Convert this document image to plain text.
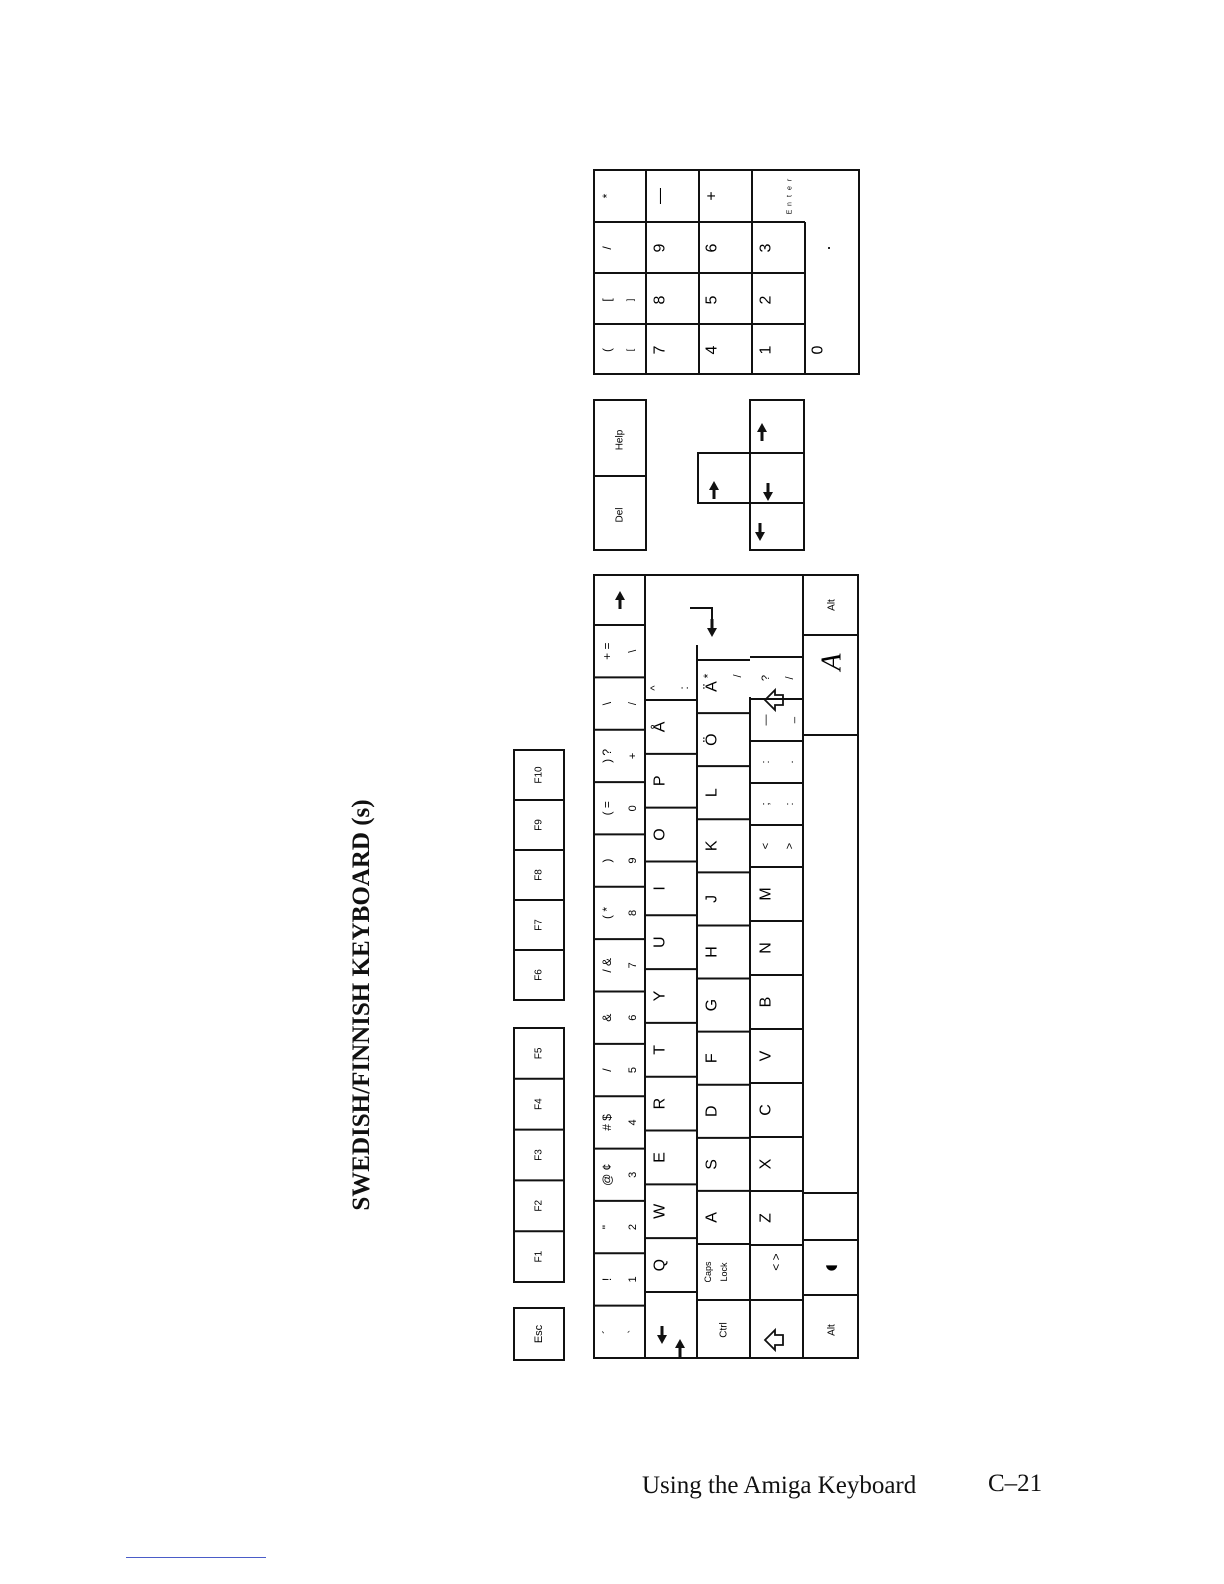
SWEDISH/FINNISH KEYBOARD (s)
Esc
F1
F2
F3
F4
F5
F6
F7
F8
F9
F10
´ `
! 1
" 2
@ ¢ 3
# $ 4
/ 5
& 6
/ & 7
( * 8
) 9
( = 0
) ? +
\ /
+ = \
Q
W
E
R
T
Y
U
I
O
P
Å
^ :
Caps Lock
Ctrl
A
S
D
F
G
H
J
K
L
Ö
Ä
* /
< >
Z
X
C
V
B
N
M
< >
; :
: .
— _
? /
Alt
◖
A
Alt
Del
Help
(
[
/
*
[
]
7
8
9
—
4
5
6
+
1
2
3
0
.
E
n
t
e
r
Using the Amiga Keyboard	C–21
